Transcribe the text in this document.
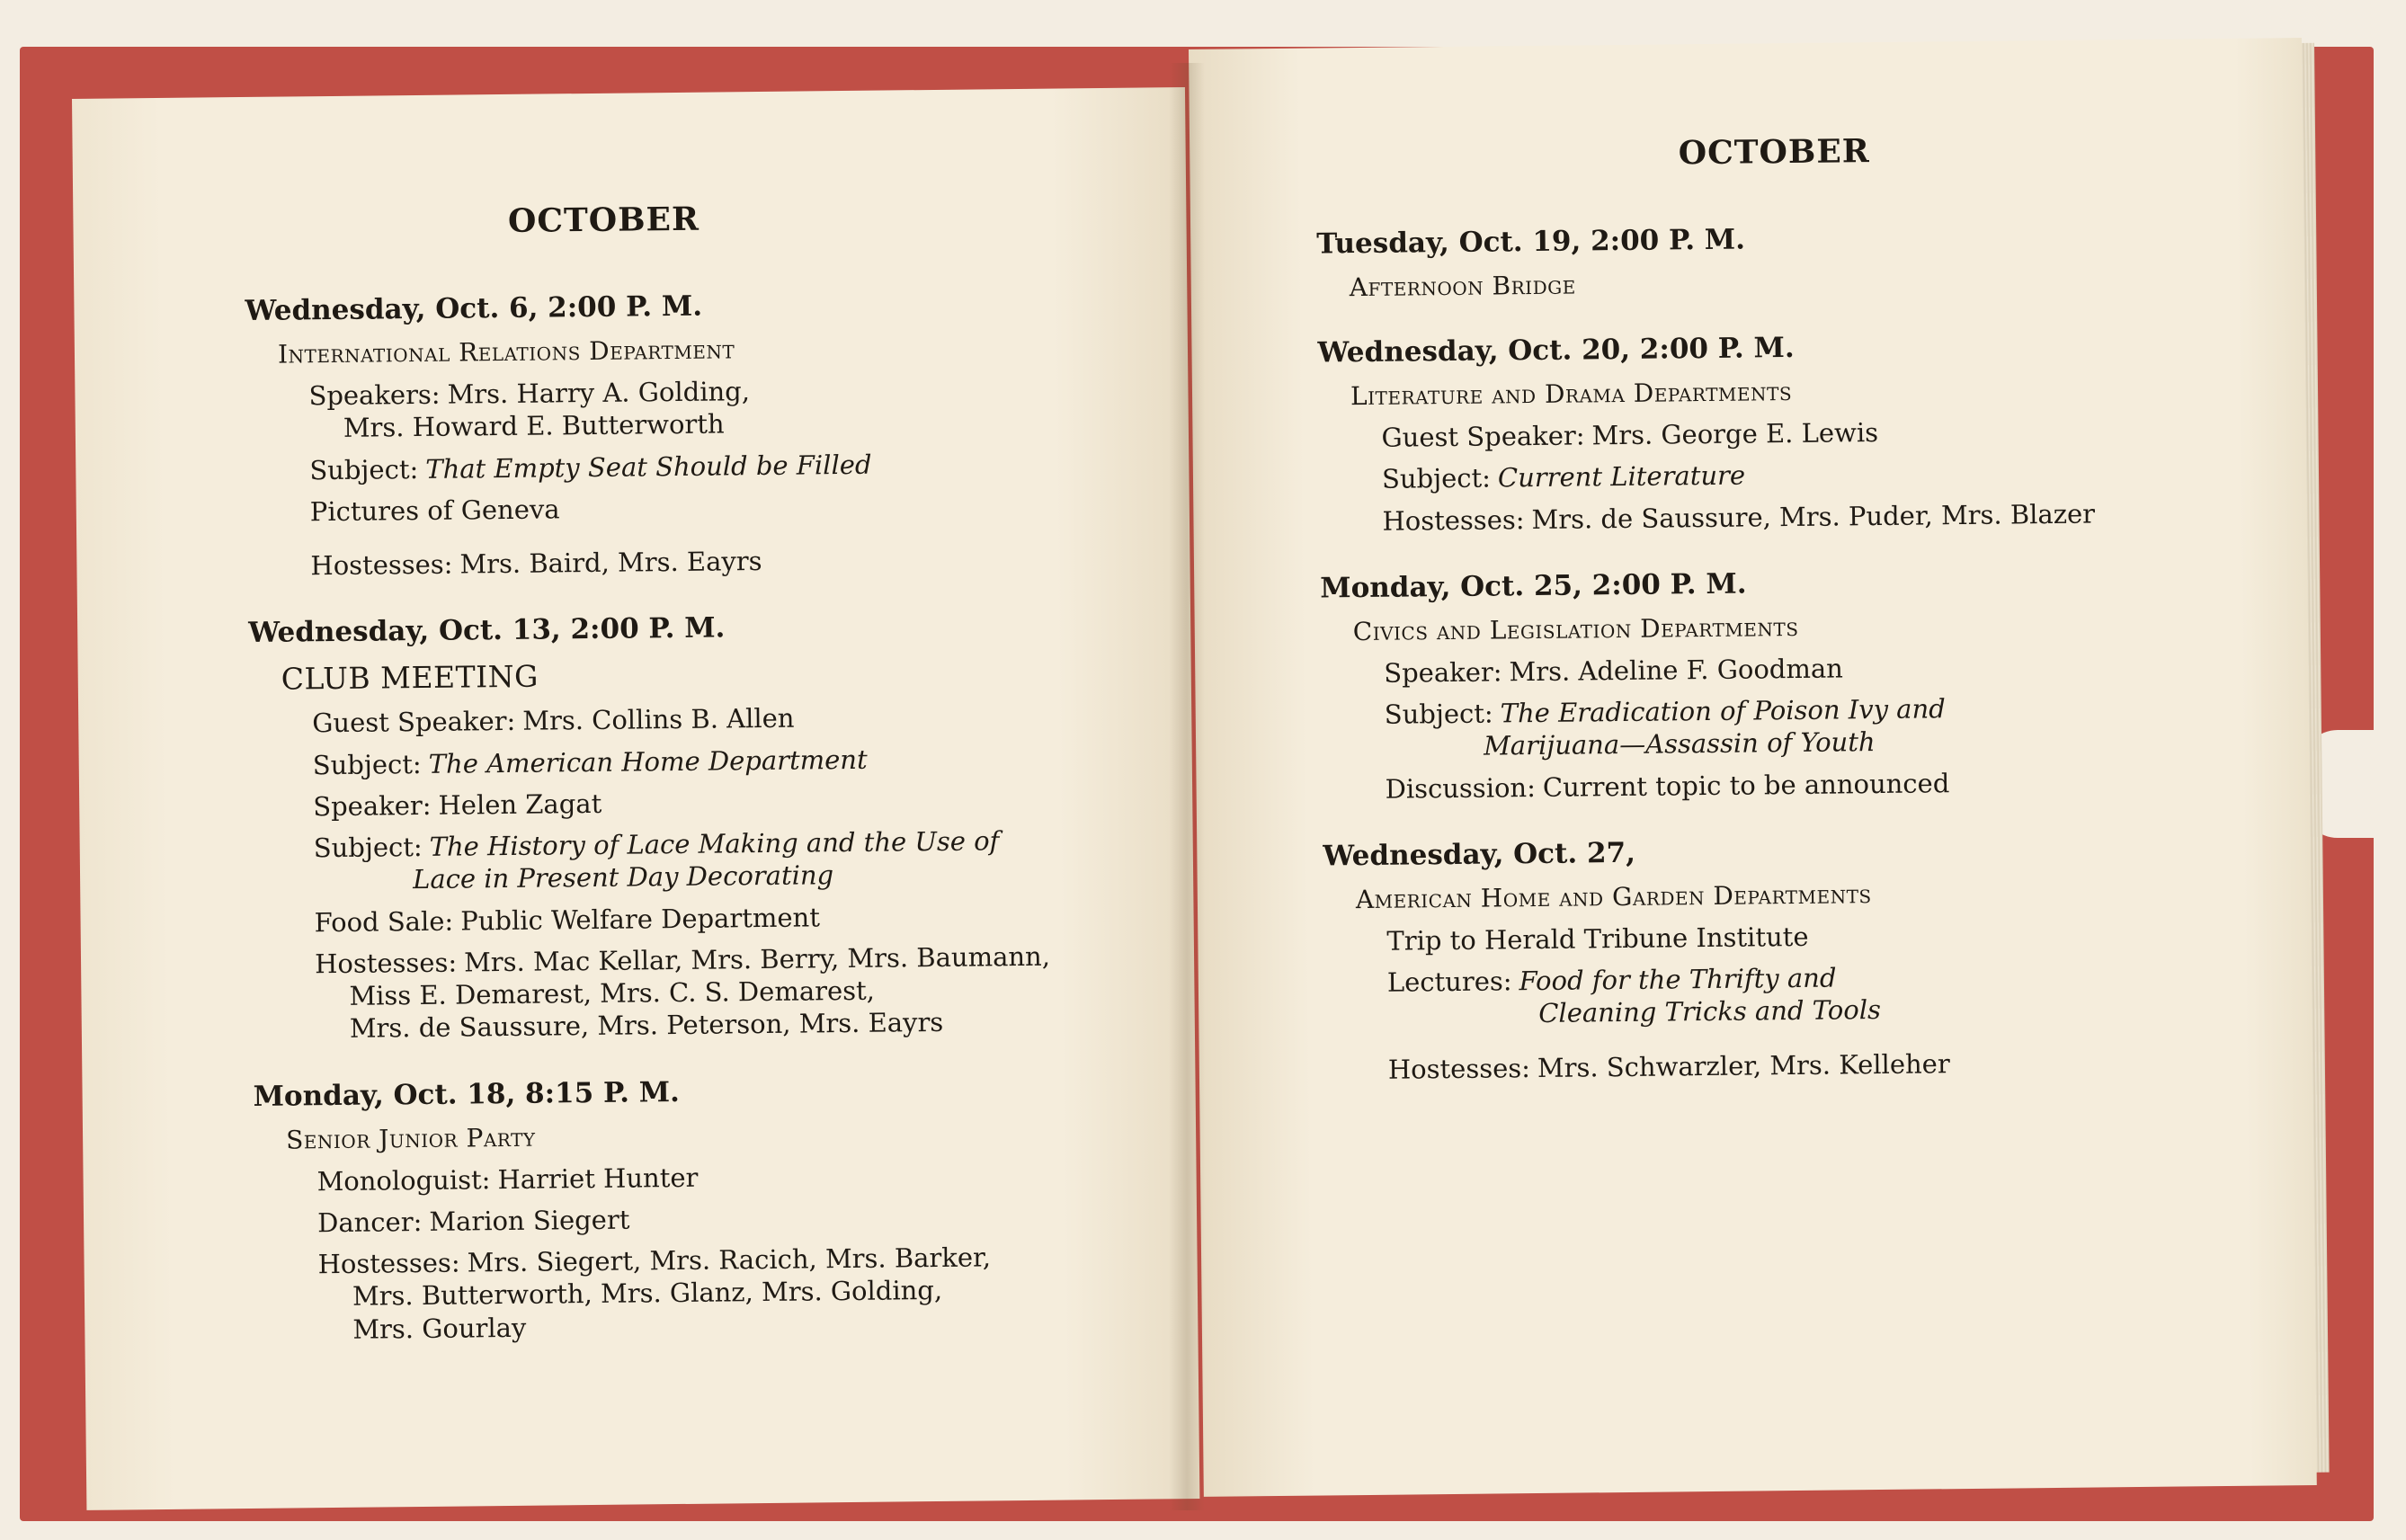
OCTOBER
Wednesday, Oct. 6, 2:00 P. M.
International Relations Department
Speakers: Mrs. Harry A. Golding,
Mrs. Howard E. Butterworth
Subject: That Empty Seat Should be Filled
Pictures of Geneva
Hostesses: Mrs. Baird, Mrs. Eayrs
Wednesday, Oct. 13, 2:00 P. M.
CLUB MEETING
Guest Speaker: Mrs. Collins B. Allen
Subject: The American Home Department
Speaker: Helen Zagat
Subject: The History of Lace Making and the Use of
Lace in Present Day Decorating
Food Sale: Public Welfare Department
Hostesses: Mrs. Mac Kellar, Mrs. Berry, Mrs. Baumann,
Miss E. Demarest, Mrs. C. S. Demarest,
Mrs. de Saussure, Mrs. Peterson, Mrs. Eayrs
Monday, Oct. 18, 8:15 P. M.
Senior Junior Party
Monologuist: Harriet Hunter
Dancer: Marion Siegert
Hostesses: Mrs. Siegert, Mrs. Racich, Mrs. Barker,
Mrs. Butterworth, Mrs. Glanz, Mrs. Golding,
Mrs. Gourlay
OCTOBER
Tuesday, Oct. 19, 2:00 P. M.
Afternoon Bridge
Wednesday, Oct. 20, 2:00 P. M.
Literature and Drama Departments
Guest Speaker: Mrs. George E. Lewis
Subject: Current Literature
Hostesses: Mrs. de Saussure, Mrs. Puder, Mrs. Blazer
Monday, Oct. 25, 2:00 P. M.
Civics and Legislation Departments
Speaker: Mrs. Adeline F. Goodman
Subject: The Eradication of Poison Ivy and
Marijuana—Assassin of Youth
Discussion: Current topic to be announced
Wednesday, Oct. 27,
American Home and Garden Departments
Trip to Herald Tribune Institute
Lectures: Food for the Thrifty and
Cleaning Tricks and Tools
Hostesses: Mrs. Schwarzler, Mrs. Kelleher
